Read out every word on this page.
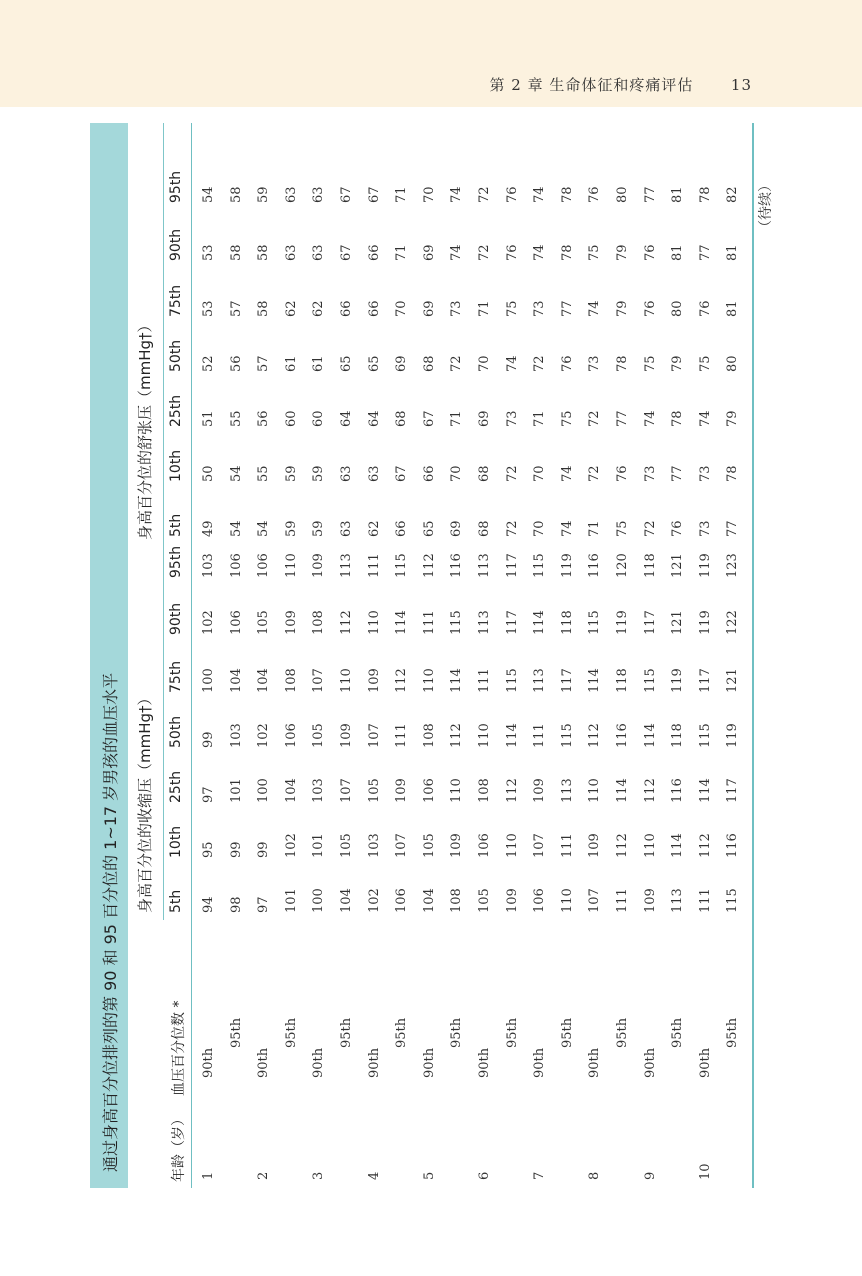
第 2 章 生命体征和疼痛评估	13
通过身高百分位排列的第 90 和 95 百分位的 1~17 岁男孩的血压水平 身高百分位的收缩压（mmHg†）
身高百分位的舒张压（mmHg†）
年龄（岁）
血压百分位数 *
5th
5th
10th
10th
25th
25th
50th
50th
75th
75th
90th
90th
95th
95th
1
90th
94
95
97
99
100
102
103
49
50
51
52
53
53
54
95th
98
99
101
103
104
106
106
54
54
55
56
57
58
58
2
90th
97
99
100
102
104
105
106
54
55
56
57
58
58
59
95th
101
102
104
106
108
109
110
59
59
60
61
62
63
63
3
90th
100
101
103
105
107
108
109
59
59
60
61
62
63
63
95th
104
105
107
109
110
112
113
63
63
64
65
66
67
67
4
90th
102
103
105
107
109
110
111
62
63
64
65
66
66
67
95th
106
107
109
111
112
114
115
66
67
68
69
70
71
71
5
90th
104
105
106
108
110
111
112
65
66
67
68
69
69
70
95th
108
109
110
112
114
115
116
69
70
71
72
73
74
74
6
90th
105
106
108
110
111
113
113
68
68
69
70
71
72
72
95th
109
110
112
114
115
117
117
72
72
73
74
75
76
76
7
90th
106
107
109
111
113
114
115
70
70
71
72
73
74
74
95th
110
111
113
115
117
118
119
74
74
75
76
77
78
78
8
90th
107
109
110
112
114
115
116
71
72
72
73
74
75
76
95th
111
112
114
116
118
119
120
75
76
77
78
79
79
80
9
90th
109
110
112
114
115
117
118
72
73
74
75
76
76
77
95th
113
114
116
118
119
121
121
76
77
78
79
80
81
81
10
90th
111
112
114
115
117
119
119
73
73
74
75
76
77
78
95th
115
116
117
119
121
122
123
77
78
79
80
81
81
82 （待续）
